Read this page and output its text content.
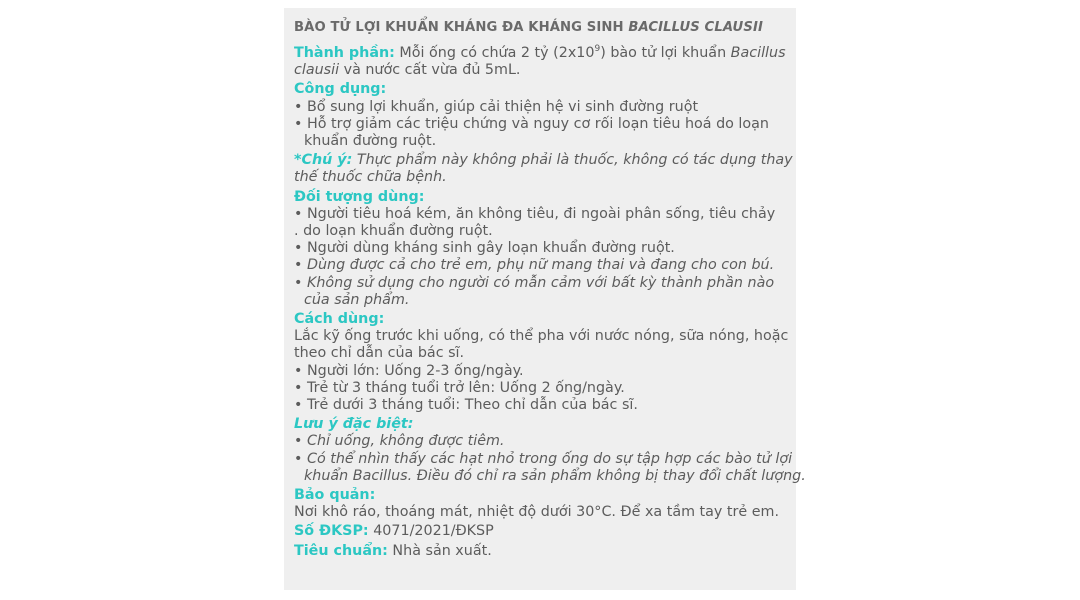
BÀO TỬ LỢI KHUẨN KHÁNG ĐA KHÁNG SINH BACILLUS CLAUSII
Thành phần: Mỗi ống có chứa 2 tỷ $(2x10^9)$ bào tử lợi khuẩn Bacillus
clausii và nước cất vừa đủ 5mL.
Công dụng:
• Bổ sung lợi khuẩn, giúp cải thiện hệ vi sinh đường ruột
• Hỗ trợ giảm các triệu chứng và nguy cơ rối loạn tiêu hoá do loạn
khuẩn đường ruột.
*Chú ý: Thực phẩm này không phải là thuốc, không có tác dụng thay
thế thuốc chữa bệnh.
Đối tượng dùng:
• Người tiêu hoá kém, ăn không tiêu, đi ngoài phân sống, tiêu chảy
. do loạn khuẩn đường ruột.
• Người dùng kháng sinh gây loạn khuẩn đường ruột.
• Dùng được cả cho trẻ em, phụ nữ mang thai và đang cho con bú.
• Không sử dụng cho người có mẫn cảm với bất kỳ thành phần nào
của sản phẩm.
Cách dùng:
Lắc kỹ ống trước khi uống, có thể pha với nước nóng, sữa nóng, hoặc
theo chỉ dẫn của bác sĩ.
• Người lớn: Uống 2-3 ống/ngày.
• Trẻ từ 3 tháng tuổi trở lên: Uống 2 ống/ngày.
• Trẻ dưới 3 tháng tuổi: Theo chỉ dẫn của bác sĩ.
Lưu ý đặc biệt:
• Chỉ uống, không được tiêm.
• Có thể nhìn thấy các hạt nhỏ trong ống do sự tập hợp các bào tử lợi
khuẩn Bacillus. Điều đó chỉ ra sản phẩm không bị thay đổi chất lượng.
Bảo quản:
Nơi khô ráo, thoáng mát, nhiệt độ dưới 30°C. Để xa tầm tay trẻ em.
Số ĐKSP: 4071/2021/ĐKSP
Tiêu chuẩn: Nhà sản xuất.
